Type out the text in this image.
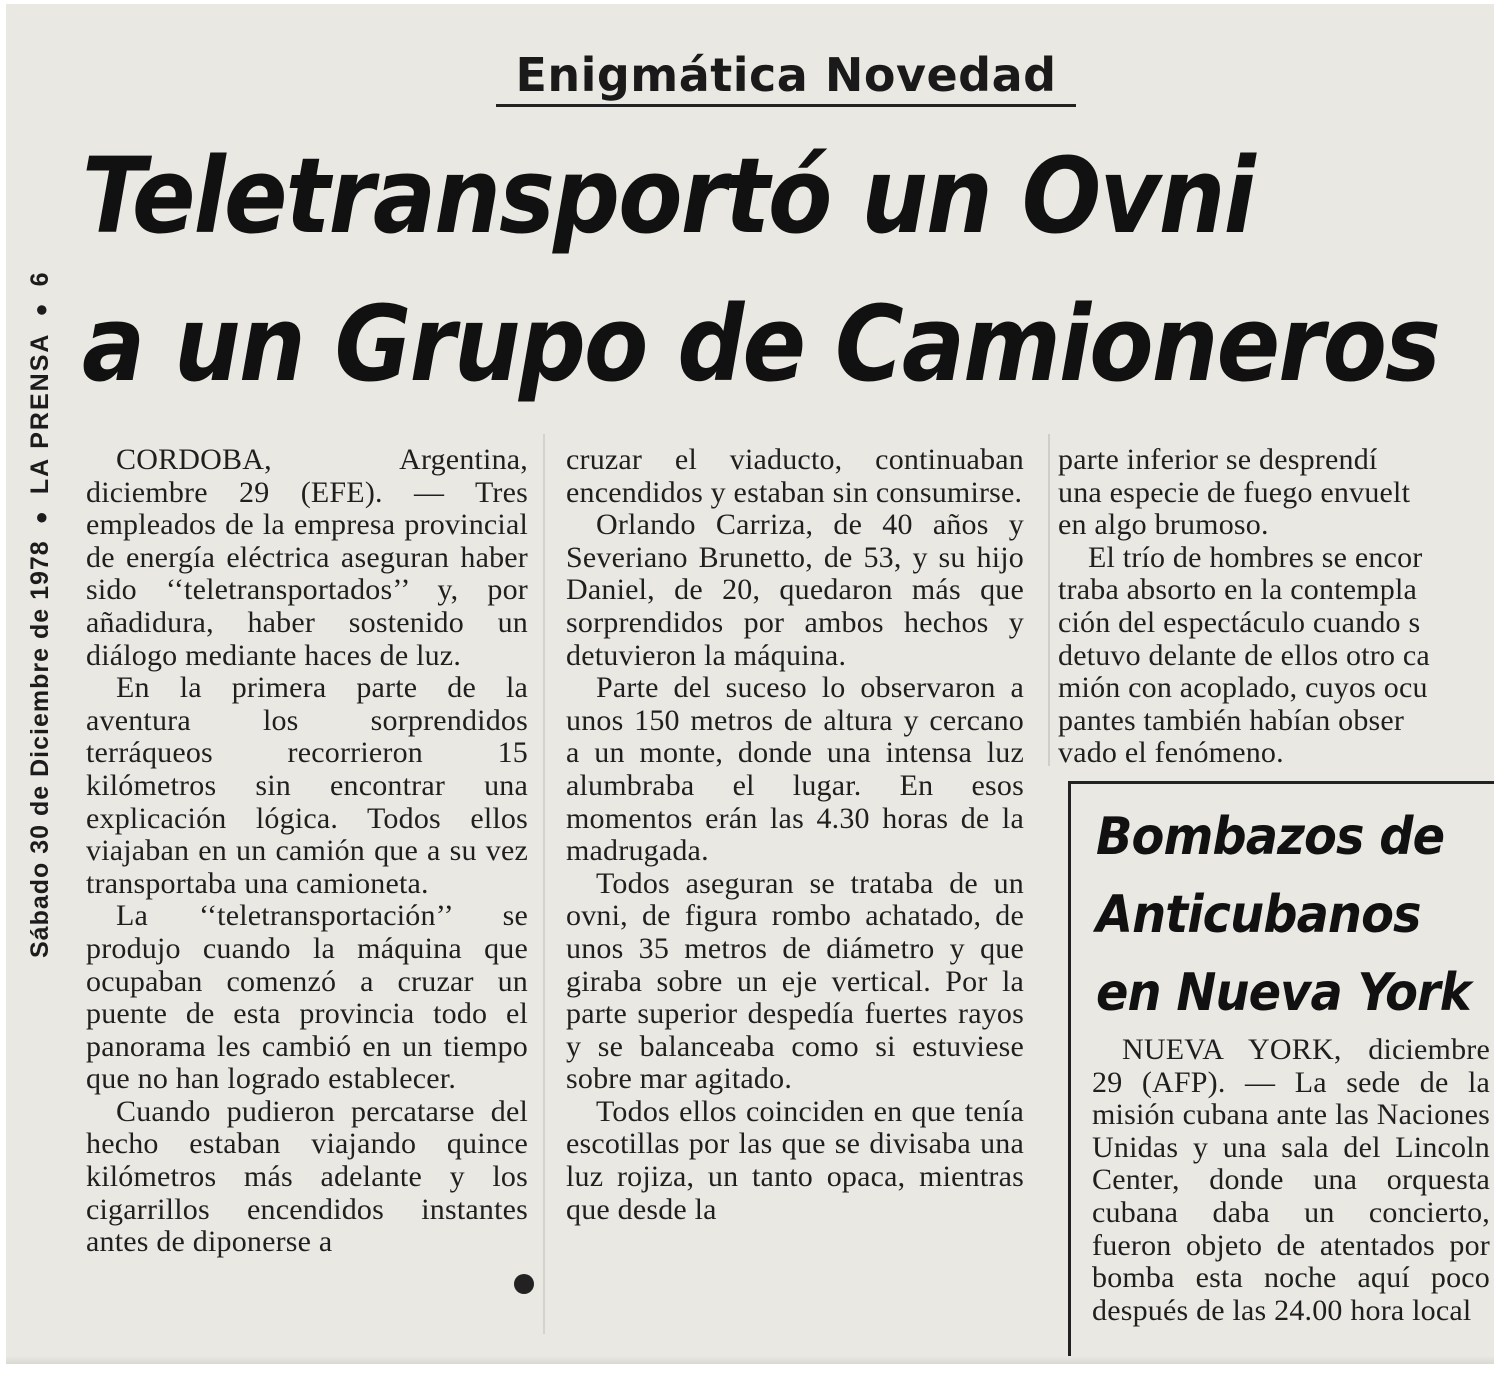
Sábado 30 de Diciembre de 1978 ● LA PRENSA ● 6
Enigmática Novedad
Teletransportó un Ovni
a un Grupo de Camioneros

CORDOBA, Argentina, diciembre 29 (EFE). — Tres empleados de la empresa provincial de energía eléctrica aseguran haber sido ‘‘teletransportados’’ y, por añadidura, haber sostenido un diálogo mediante haces de luz.

En la primera parte de la aventura los sorprendidos terráqueos recorrieron 15 kilómetros sin encontrar una explicación lógica. Todos ellos viajaban en un camión que a su vez transportaba una camioneta.

La ‘‘teletransportación’’ se produjo cuando la máquina que ocupaban comenzó a cruzar un puente de esta provincia todo el panorama les cambió en un tiempo que no han logrado establecer.

Cuando pudieron percatarse del hecho estaban viajando quince kilómetros más adelante y los cigarrillos encendidos instantes antes de diponerse a

cruzar el viaducto, continuaban encendidos y estaban sin consumirse.

Orlando Carriza, de 40 años y Severiano Brunetto, de 53, y su hijo Daniel, de 20, quedaron más que sorprendidos por ambos hechos y detuvieron la máquina.

Parte del suceso lo observaron a unos 150 metros de altura y cercano a un monte, donde una intensa luz alumbraba el lugar. En esos momentos erán las 4.30 horas de la madrugada.

Todos aseguran se trataba de un ovni, de figura rombo achatado, de unos 35 metros de diámetro y que giraba sobre un eje vertical. Por la parte superior despedía fuertes rayos y se balanceaba como si estuviese sobre mar agitado.

Todos ellos coinciden en que tenía escotillas por las que se divisaba una luz rojiza, un tanto opaca, mientras que desde la

parte inferior se desprendí

una especie de fuego envuelt

en algo brumoso.

El trío de hombres se encor

traba absorto en la contempla

ción del espectáculo cuando s

detuvo delante de ellos otro ca

mión con acoplado, cuyos ocu

pantes también habían obser

vado el fenómeno.

Bombazos de
Anticubanos
en Nueva York

NUEVA YORK, diciembre 29 (AFP). — La sede de la misión cubana ante las Naciones Unidas y una sala del Lincoln Center, donde una orquesta cubana daba un concierto, fueron objeto de atentados por bomba esta noche aquí poco después de las 24.00 hora local
